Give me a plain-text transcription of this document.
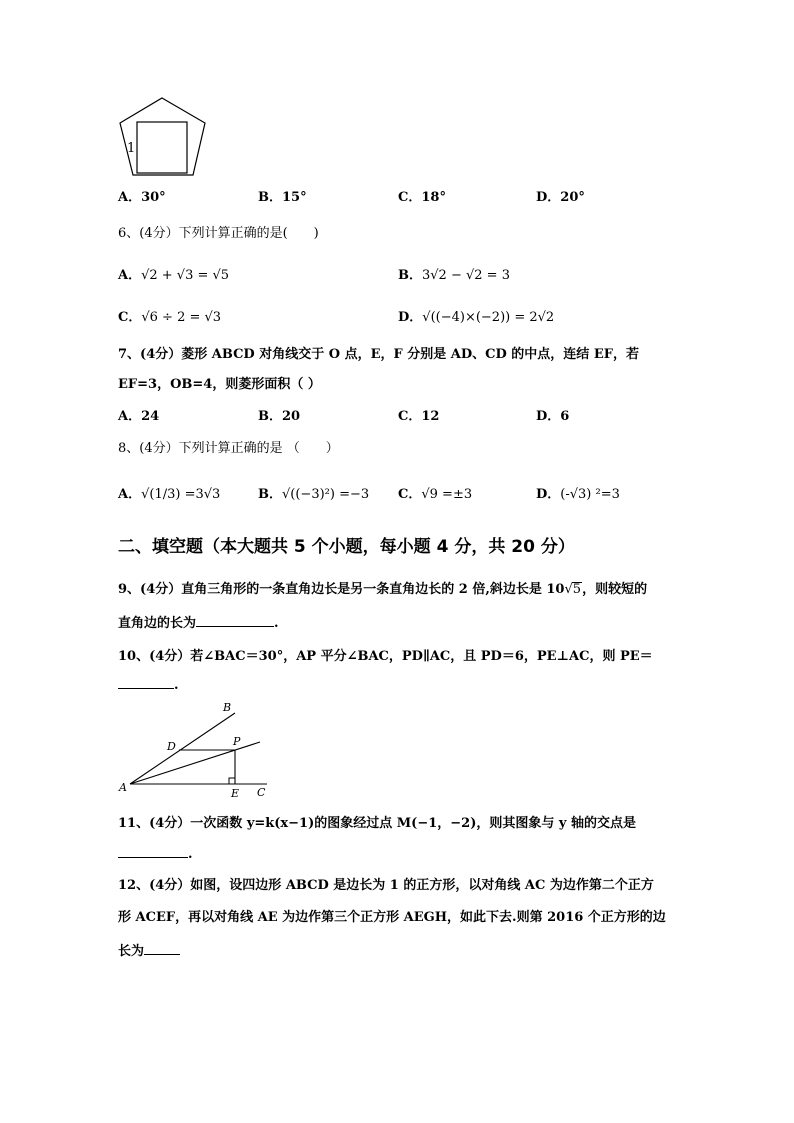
1
A．30°	B．15°	C．18°	D．20°
6、(4分）下列计算正确的是(　　)
A．√2 + √3 = √5	B．3√2 − √2 = 3
C．√6 ÷ 2 = √3	D．√((−4)×(−2)) = 2√2
7、(4分）菱形 ABCD 对角线交于 O 点，E，F 分别是 AD、CD 的中点，连结 EF，若
EF=3，OB=4，则菱形面积（ ）
A．24	B．20	C．12	D．6
8、(4分）下列计算正确的是 （　　）
A．√(1/3) =3√3	B．√((−3)²) =−3 C．√9 =±3	D．(-√3) ²=3
二、填空题（本大题共 5 个小题，每小题 4 分，共 20 分）
9、(4分）直角三角形的一条直角边长是另一条直角边长的 2 倍,斜边长是 10√5，则较短的
直角边的长为	.
10、(4分）若∠BAC＝30°，AP 平分∠BAC，PD∥AC，且 PD＝6，PE⊥AC，则 PE＝
.
A
B
C
D
E
P
11、(4分）一次函数 y=k(x−1)的图象经过点 M(−1，−2)，则其图象与 y 轴的交点是
.
12、(4分）如图，设四边形 ABCD 是边长为 1 的正方形，以对角线 AC 为边作第二个正方
形 ACEF，再以对角线 AE 为边作第三个正方形 AEGH，如此下去.则第 2016 个正方形的边
长为
